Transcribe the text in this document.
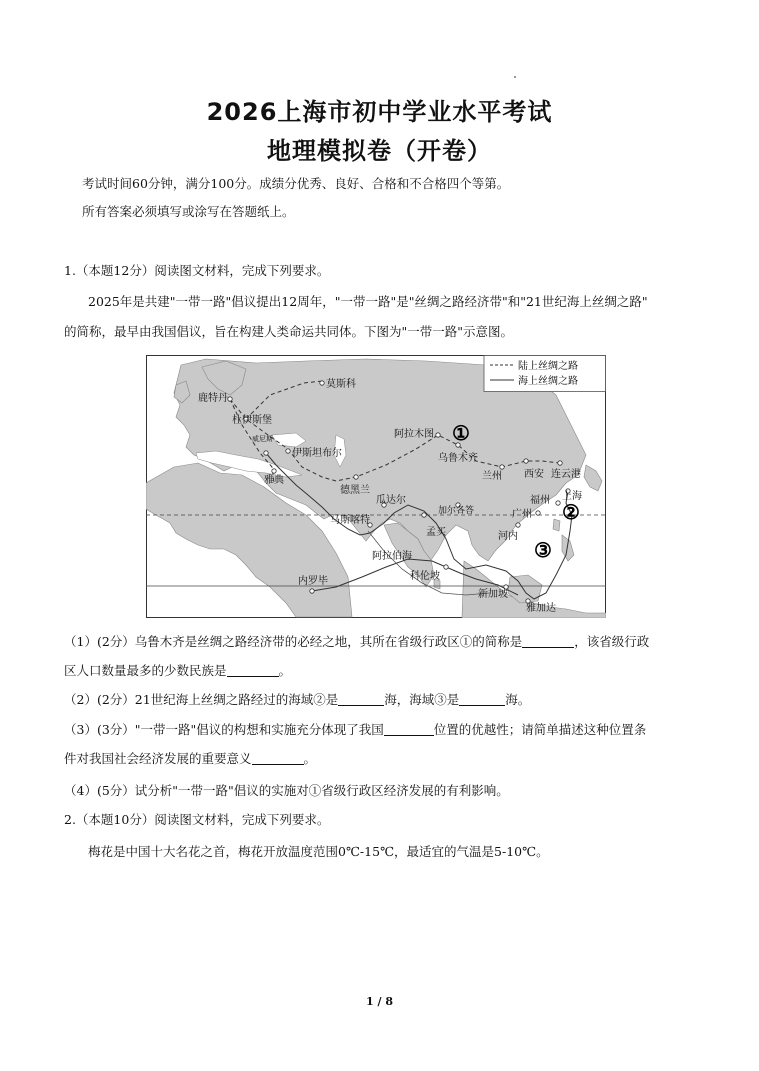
2026上海市初中学业水平考试
地理模拟卷（开卷）
考试时间60分钟，满分100分。成绩分优秀、良好、合格和不合格四个等第。
所有答案必须填写或涂写在答题纸上。
1.（本题12分）阅读图文材料，完成下列要求。
2025年是共建"一带一路"倡议提出12周年，"一带一路"是"丝绸之路经济带"和"21世纪海上丝绸之路"
的简称，最早由我国倡议，旨在构建人类命运共同体。下图为"一带一路"示意图。
陆上丝绸之路
海上丝绸之路
莫斯科
鹿特丹
杜伊斯堡
威尼斯
伊斯坦布尔
雅典
德黑兰
阿拉木图
乌鲁木齐
兰州 西安 连云港
上海
福州
广州
瓜达尔
加尔各答
马斯喀特
孟买	河内
阿拉伯海
科伦坡
内罗毕
新加坡
雅加达
①
②
③
（1）(2分）乌鲁木齐是丝绸之路经济带的必经之地，其所在省级行政区①的简称是	，该省级行政
区人口数量最多的少数民族是	。
（2）(2分）21世纪海上丝绸之路经过的海域②是	海，海域③是	海。
（3）(3分）"一带一路"倡议的构想和实施充分体现了我国	位置的优越性；请简单描述这种位置条
件对我国社会经济发展的重要意义	。
（4）(5分）试分析"一带一路"倡议的实施对①省级行政区经济发展的有利影响。
2.（本题10分）阅读图文材料，完成下列要求。
梅花是中国十大名花之首，梅花开放温度范围0℃-15℃，最适宜的气温是5-10℃。
1 / 8
